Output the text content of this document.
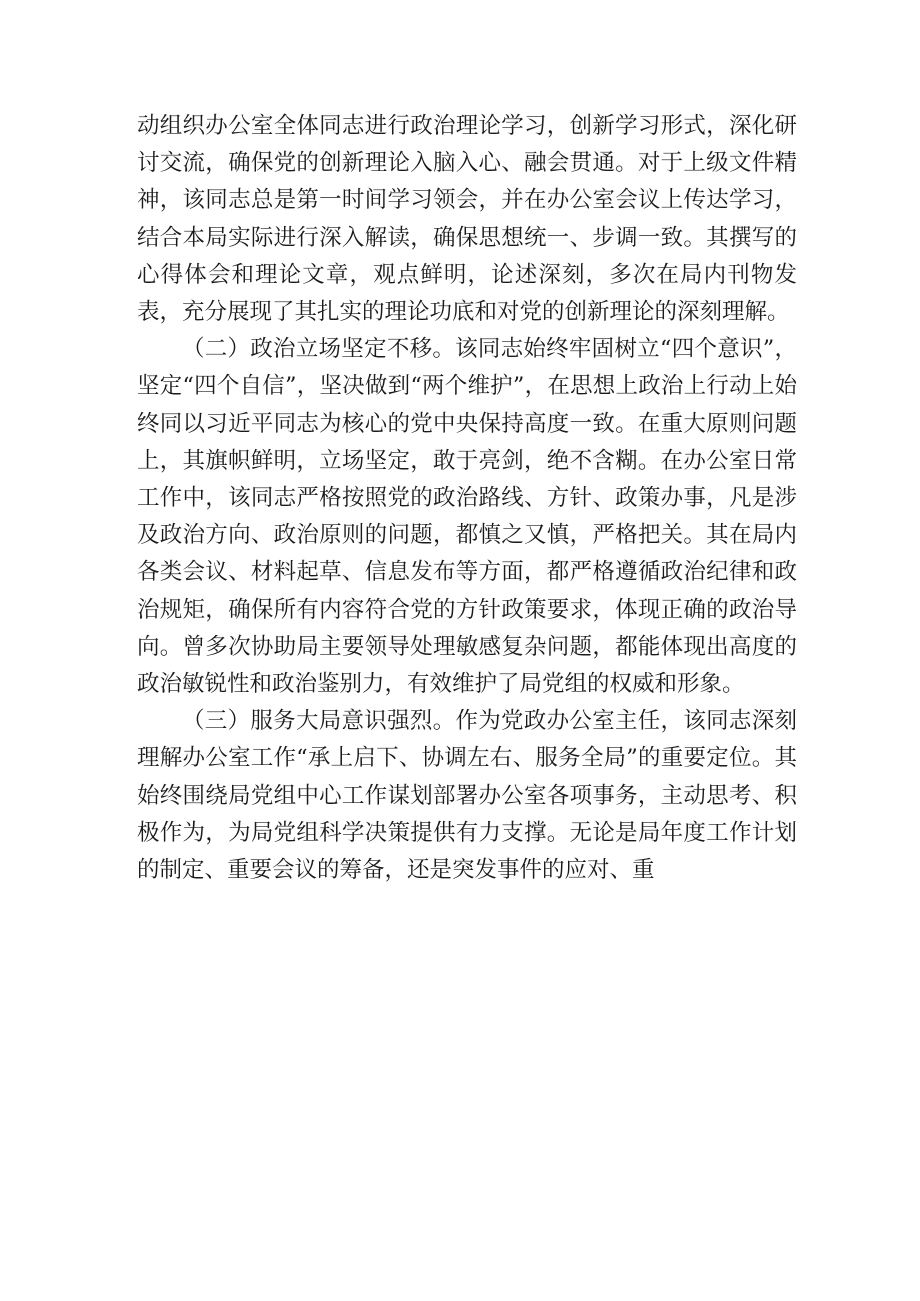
动组织办公室全体同志进行政治理论学习，创新学习形式，深化研讨交流，确保党的创新理论入脑入心、融会贯通。对于上级文件精神，该同志总是第一时间学习领会，并在办公室会议上传达学习，结合本局实际进行深入解读，确保思想统一、步调一致。其撰写的心得体会和理论文章，观点鲜明，论述深刻，多次在局内刊物发表，充分展现了其扎实的理论功底和对党的创新理论的深刻理解。

（二）政治立场坚定不移。该同志始终牢固树立“四个意识”，坚定“四个自信”，坚决做到“两个维护”，在思想上政治上行动上始终同以习近平同志为核心的党中央保持高度一致。在重大原则问题上，其旗帜鲜明，立场坚定，敢于亮剑，绝不含糊。在办公室日常工作中，该同志严格按照党的政治路线、方针、政策办事，凡是涉及政治方向、政治原则的问题，都慎之又慎，严格把关。其在局内各类会议、材料起草、信息发布等方面，都严格遵循政治纪律和政治规矩，确保所有内容符合党的方针政策要求，体现正确的政治导向。曾多次协助局主要领导处理敏感复杂问题，都能体现出高度的政治敏锐性和政治鉴别力，有效维护了局党组的权威和形象。

（三）服务大局意识强烈。作为党政办公室主任，该同志深刻理解办公室工作“承上启下、协调左右、服务全局”的重要定位。其始终围绕局党组中心工作谋划部署办公室各项事务，主动思考、积极作为，为局党组科学决策提供有力支撑。无论是局年度工作计划的制定、重要会议的筹备，还是突发事件的应对、重
